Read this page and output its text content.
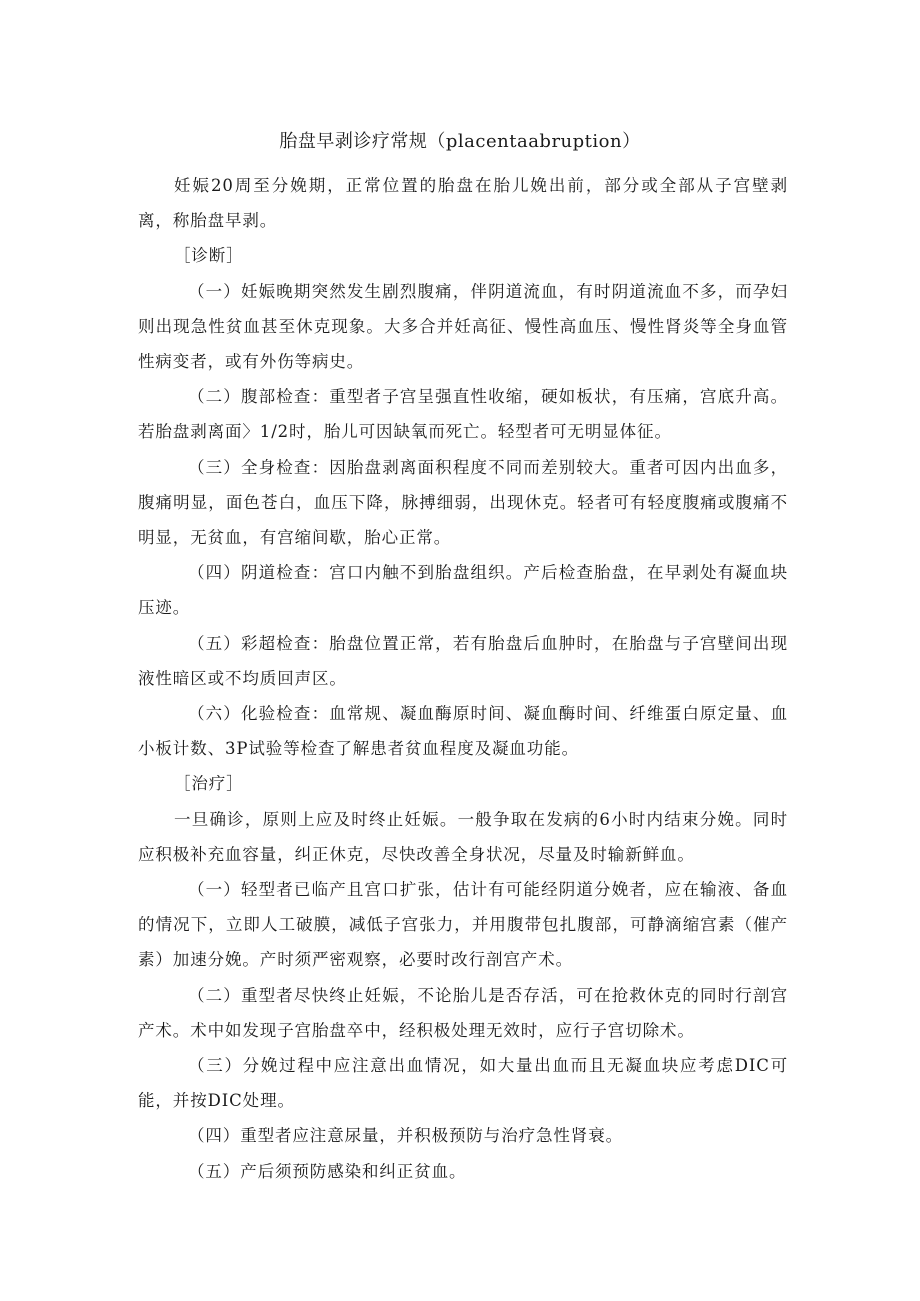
胎盘早剥诊疗常规（placentaabruption）

妊娠20周至分娩期，正常位置的胎盘在胎儿娩出前，部分或全部从子宫壁剥离，称胎盘早剥。

［诊断］

（一）妊娠晚期突然发生剧烈腹痛，伴阴道流血，有时阴道流血不多，而孕妇则出现急性贫血甚至休克现象。大多合并妊高征、慢性高血压、慢性肾炎等全身血管性病变者，或有外伤等病史。

（二）腹部检查：重型者子宫呈强直性收缩，硬如板状，有压痛，宫底升高。若胎盘剥离面〉1/2时，胎儿可因缺氧而死亡。轻型者可无明显体征。

（三）全身检查：因胎盘剥离面积程度不同而差别较大。重者可因内出血多，腹痛明显，面色苍白，血压下降，脉搏细弱，出现休克。轻者可有轻度腹痛或腹痛不明显，无贫血，有宫缩间歇，胎心正常。

（四）阴道检查：宫口内触不到胎盘组织。产后检查胎盘，在早剥处有凝血块压迹。

（五）彩超检查：胎盘位置正常，若有胎盘后血肿时，在胎盘与子宫壁间出现液性暗区或不均质回声区。

（六）化验检查：血常规、凝血酶原时间、凝血酶时间、纤维蛋白原定量、血小板计数、3P试验等检查了解患者贫血程度及凝血功能。

［治疗］

一旦确诊，原则上应及时终止妊娠。一般争取在发病的6小时内结束分娩。同时应积极补充血容量，纠正休克，尽快改善全身状况，尽量及时输新鲜血。

（一）轻型者已临产且宫口扩张，估计有可能经阴道分娩者，应在输液、备血的情况下，立即人工破膜，减低子宫张力，并用腹带包扎腹部，可静滴缩宫素（催产素）加速分娩。产时须严密观察，必要时改行剖宫产术。

（二）重型者尽快终止妊娠，不论胎儿是否存活，可在抢救休克的同时行剖宫产术。术中如发现子宫胎盘卒中，经积极处理无效时，应行子宫切除术。

（三）分娩过程中应注意出血情况，如大量出血而且无凝血块应考虑DIC可能，并按DIC处理。

（四）重型者应注意尿量，并积极预防与治疗急性肾衰。

（五）产后须预防感染和纠正贫血。
